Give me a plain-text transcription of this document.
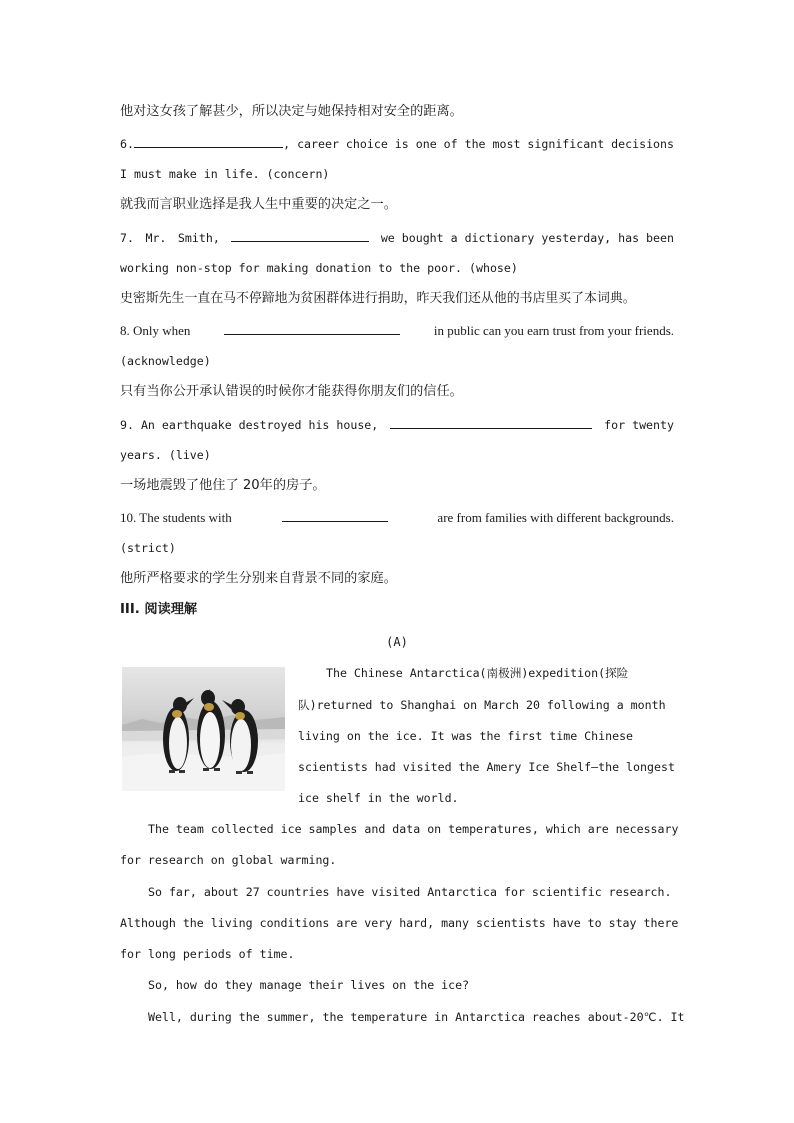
他对这女孩了解甚少，所以决定与她保持相对安全的距离。
6.	, career choice is one of the most significant decisions
I must make in life. (concern)
就我而言职业选择是我人生中重要的决定之一。
7. Mr. Smith,	we bought a dictionary yesterday, has been
working non-stop for making donation to the poor. (whose)
史密斯先生一直在马不停蹄地为贫困群体进行捐助，昨天我们还从他的书店里买了本词典。
8. Only when	in public can you earn trust from your friends.
(acknowledge)
只有当你公开承认错误的时候你才能获得你朋友们的信任。
9. An earthquake destroyed his house,	for twenty
years. (live)
一场地震毁了他住了 20年的房子。
10. The students with	are from families with different backgrounds.
(strict)
他所严格要求的学生分别来自背景不同的家庭。
III. 阅读理解
(A)
The Chinese Antarctica(南极洲)expedition(探险
队)returned to Shanghai on March 20 following a month
living on the ice. It was the first time Chinese
scientists had visited the Amery Ice Shelf—the longest
ice shelf in the world.
The team collected ice samples and data on temperatures, which are necessary
for research on global warming.
So far, about 27 countries have visited Antarctica for scientific research.
Although the living conditions are very hard, many scientists have to stay there
for long periods of time.
So, how do they manage their lives on the ice?
Well, during the summer, the temperature in Antarctica reaches about-20℃. It
